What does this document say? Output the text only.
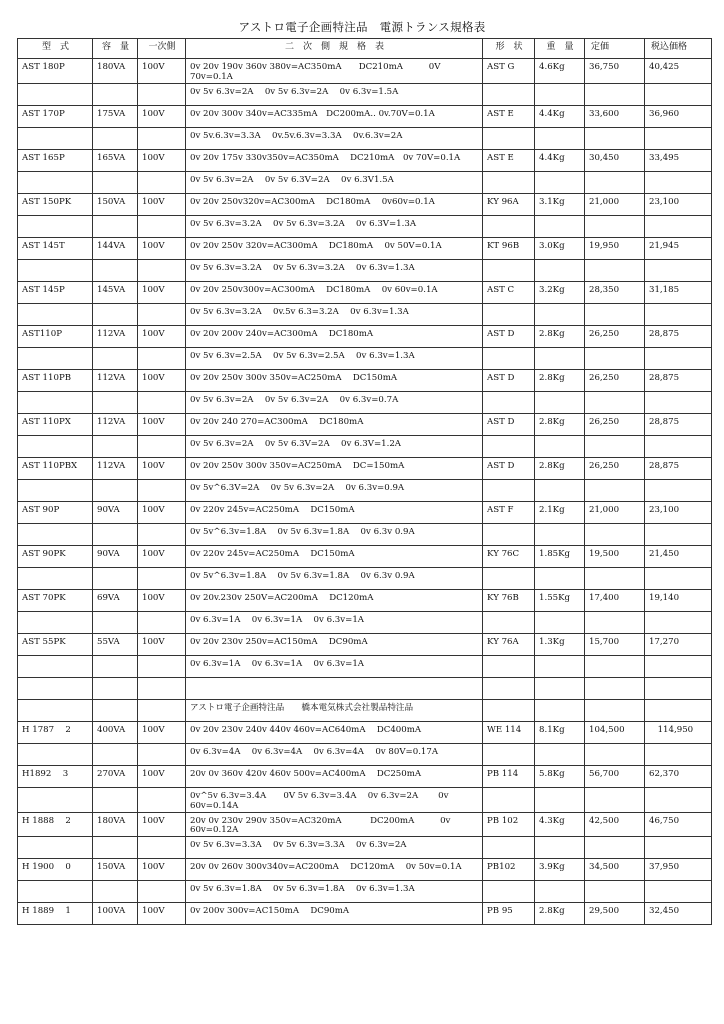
アストロ電子企画特注品　電源トランス規格表
型　式	容　量	一次側	二　次　側　規　格　表	形　状	重　量	定価	税込価格
AST 180P	180VA	100V	0v 20v 190v 360v 380v=AC350mA　　DC210mA　　　0V 70v=0.1A	AST G	4.6Kg	36,750	40,425

			0v 5v 6.3v=2A　 0v 5v 6.3v=2A　 0v 6.3v=1.5A				

AST 170P	175VA	100V	0v 20v 300v 340v=AC335mA　DC200mA.. 0v.70V=0.1A	AST E	4.4Kg	33,600	36,960

			0v 5v.6.3v=3.3A　 0v.5v.6.3v=3.3A　 0v.6.3v=2A				

AST 165P	165VA	100V	0v 20v 175v 330v350v=AC350mA　 DC210mA　0v 70V=0.1A	AST E	4.4Kg	30,450	33,495

			0v 5v 6.3v=2A　 0v 5v 6.3V=2A　 0v 6.3V1.5A				

AST 150PK	150VA	100V	0v 20v 250v320v=AC300mA　 DC180mA　 0v60v=0.1A	KY 96A	3.1Kg	21,000	23,100

			0v 5v 6.3v=3.2A　 0v 5v 6.3v=3.2A　 0v 6.3V=1.3A				

AST 145T	144VA	100V	0v 20v 250v 320v=AC300mA　 DC180mA　 0v 50V=0.1A	KT 96B	3.0Kg	19,950	21,945

			0v 5v 6.3v=3.2A　 0v 5v 6.3v=3.2A　 0v 6.3v=1.3A				

AST 145P	145VA	100V	0v 20v 250v300v=AC300mA　 DC180mA　 0v 60v=0.1A	AST C	3.2Kg	28,350	31,185

			0v 5v 6.3v=3.2A　 0v.5v 6.3=3.2A　 0v 6.3v=1.3A				

AST110P	112VA	100V	0v 20v 200v 240v=AC300mA　 DC180mA	AST D	2.8Kg	26,250	28,875

			0v 5v 6.3v=2.5A　 0v 5v 6.3v=2.5A　 0v 6.3v=1.3A				

AST 110PB	112VA	100V	0v 20v 250v 300v 350v=AC250mA　 DC150mA	AST D	2.8Kg	26,250	28,875

			0v 5v 6.3v=2A　 0v 5v 6.3v=2A　 0v 6.3v=0.7A				

AST 110PX	112VA	100V	0v 20v 240 270=AC300mA　 DC180mA	AST D	2.8Kg	26,250	28,875

			0v 5v 6.3v=2A　 0v 5v 6.3V=2A　 0v 6.3V=1.2A				

AST 110PBX	112VA	100V	0v 20v 250v 300v 350v=AC250mA　 DC=150mA	AST D	2.8Kg	26,250	28,875

			0v 5v^6.3V=2A　 0v 5v 6.3v=2A　 0v 6.3v=0.9A				

AST 90P	90VA	100V	0v 220v 245v=AC250mA　 DC150mA	AST F	2.1Kg	21,000	23,100

			0v 5v^6.3v=1.8A　 0v 5v 6.3v=1.8A　 0v 6.3v 0.9A				

AST 90PK	90VA	100V	0v 220v 245v=AC250mA　 DC150mA	KY 76C	1.85Kg	19,500	21,450

			0v 5v^6.3v=1.8A　 0v 5v 6.3v=1.8A　 0v 6.3v 0.9A				

AST 70PK	69VA	100V	0v 20v.230v 250V=AC200mA　 DC120mA	KY 76B	1.55Kg	17,400	19,140

			0v 6.3v=1A　 0v 6.3v=1A　 0v 6.3v=1A				

AST 55PK	55VA	100V	0v 20v 230v 250v=AC150mA　 DC90mA	KY 76A	1.3Kg	15,700	17,270

			0v 6.3v=1A　 0v 6.3v=1A　 0v 6.3v=1A				

			アストロ電子企画特注品　　橋本電気株式会社製品特注品				

H 1787　 2	400VA	100V	0v 20v 230v 240v 440v 460v=AC640mA　 DC400mA	WE 114	8.1Kg	104,500	　114,950

			0v 6.3v=4A　 0v 6.3v=4A　 0v 6.3v=4A　 0v 80V=0.17A				

H1892　 3	270VA	100V	20v 0v 360v 420v 460v 500v=AC400mA　 DC250mA	PB 114	5.8Kg	56,700	62,370

			0v^5v 6.3v=3.4A　　0V 5v 6.3v=3.4A　 0v 6.3v=2A　　 0v 60v=0.14A				

H 1888　 2	180VA	100V	20v 0v 230v 290v 350v=AC320mA　　　 DC200mA　　　0v 60v=0.12A	PB 102	4.3Kg	42,500	46,750

			0v 5v 6.3v=3.3A　 0v 5v 6.3v=3.3A　 0v 6.3v=2A				

H 1900　 0	150VA	100V	20v 0v 260v 300v340v=AC200mA　 DC120mA　 0v 50v=0.1A	PB102	3.9Kg	34,500	37,950

			0v 5v 6.3v=1.8A　 0v 5v 6.3v=1.8A　 0v 6.3v=1.3A				

H 1889　 1	100VA	100V	0v 200v 300v=AC150mA　 DC90mA	PB 95	2.8Kg	29,500	32,450
